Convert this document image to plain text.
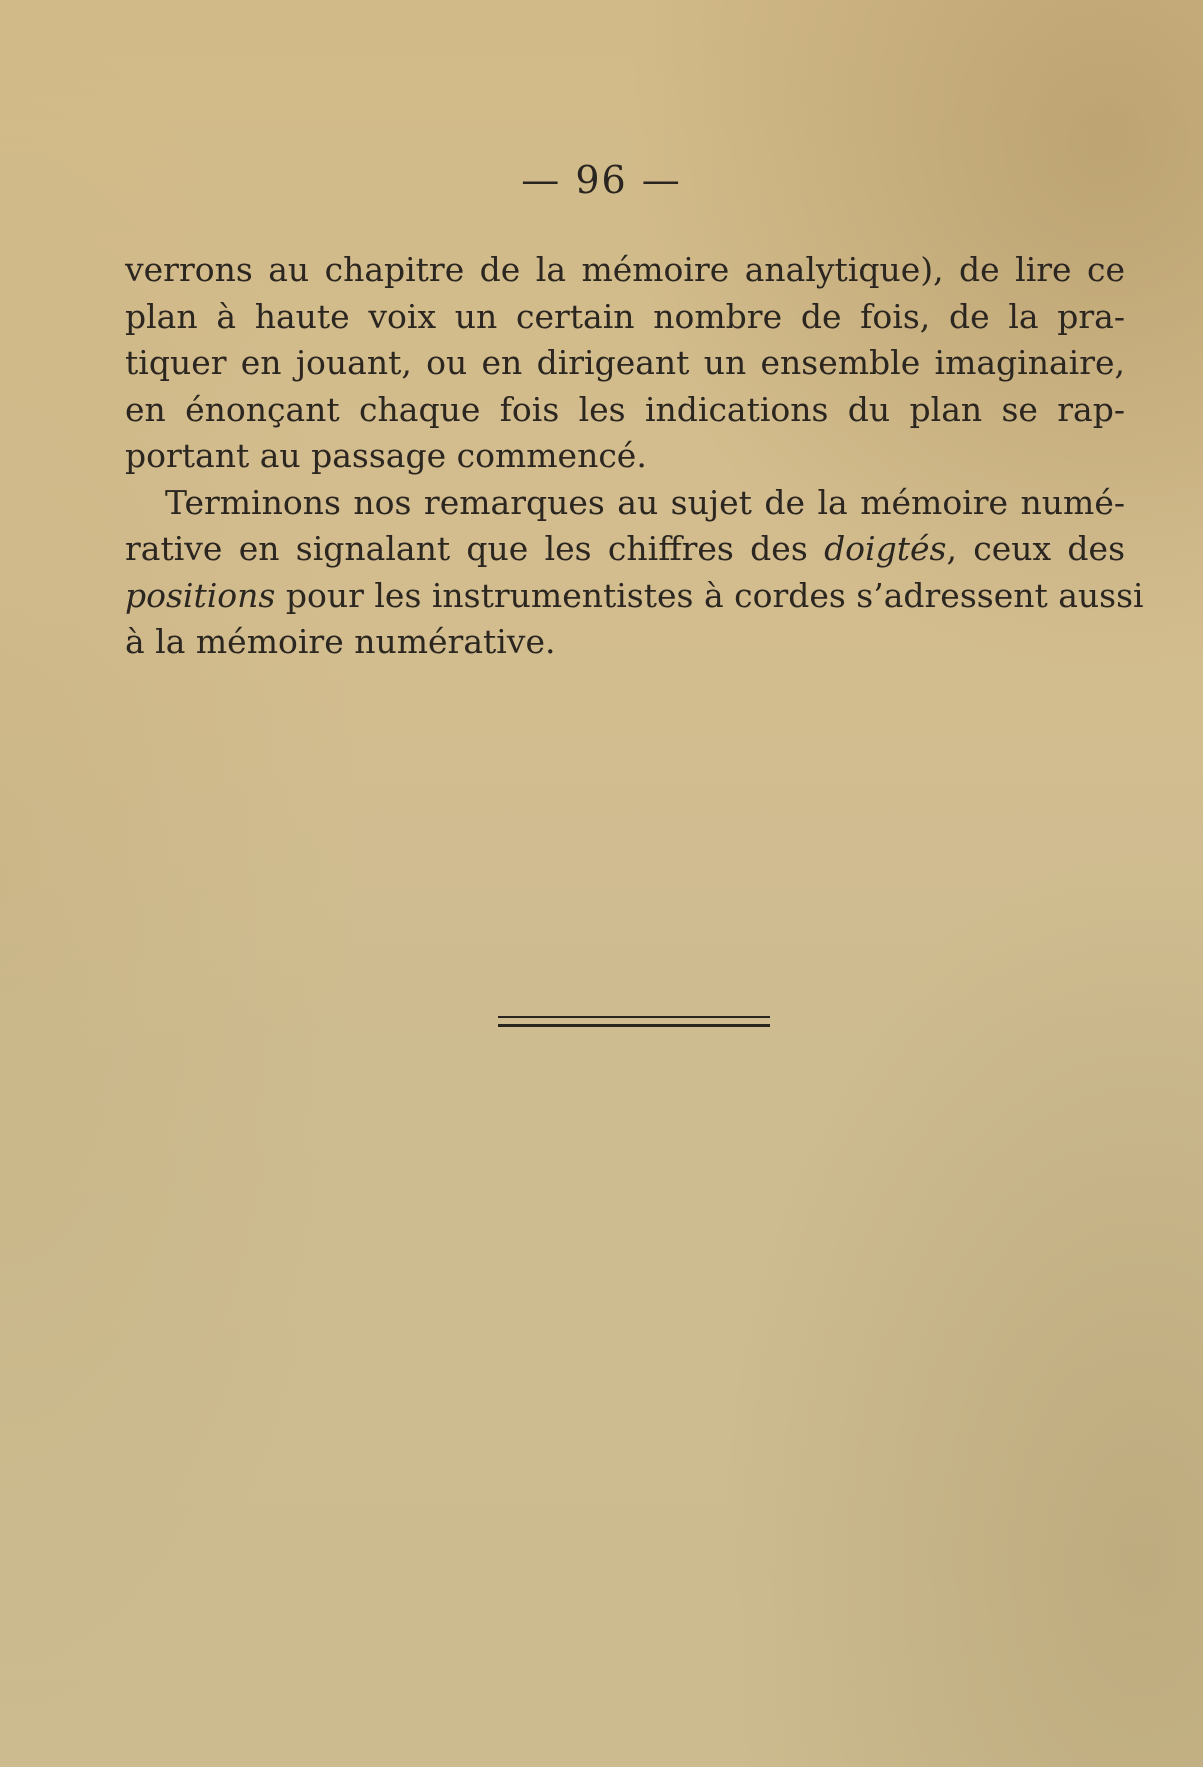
— 96 —

verrons au chapitre de la mémoire analytique), de lire ce
plan à haute voix un certain nombre de fois, de la pra-
tiquer en jouant, ou en dirigeant un ensemble imaginaire,
en énonçant chaque fois les indications du plan se rap-
portant au passage commencé.

Terminons nos remarques au sujet de la mémoire numé-
rative en signalant que les chiffres des doigtés, ceux des
positions pour les instrumentistes à cordes s’adressent aussi
à la mémoire numérative.
